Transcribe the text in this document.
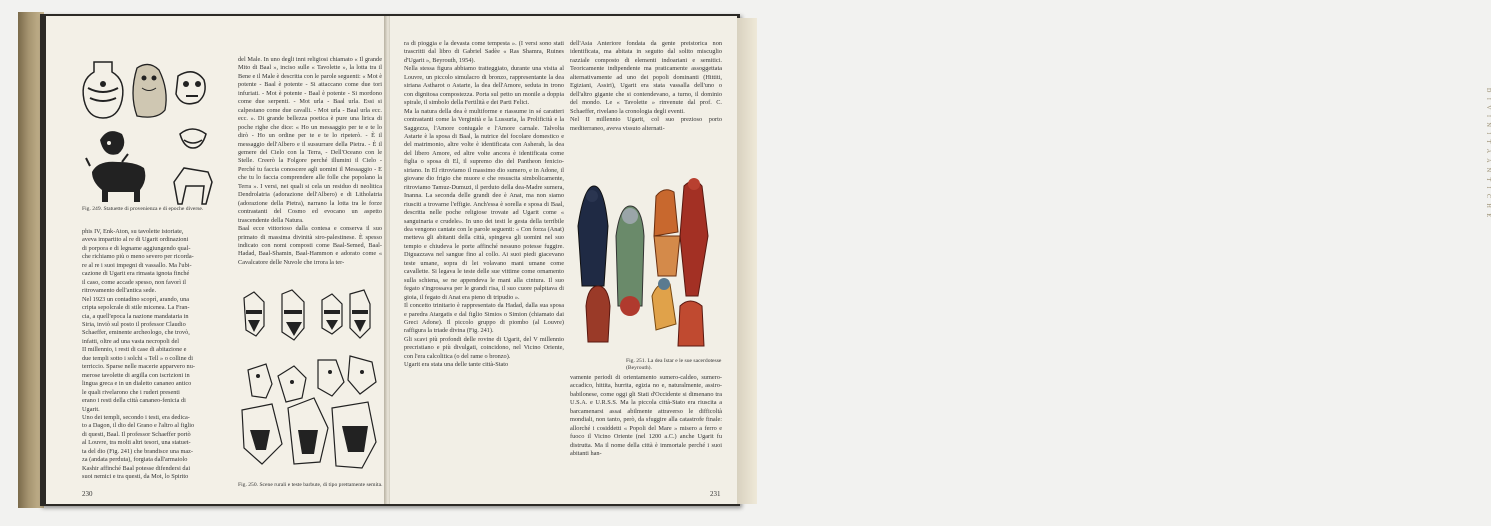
D I V I N I T À A N T I C H E
Fig. 249. Statuette di provenienza e di epoche diverse.
phis IV, Enk-Aton, su tavolette istoriate,
avevа impartito al re di Ugarit ordinazioni
di porpora e di legname aggiungendo qual-
che richiamo più o meno severo per ricorda-
re al re i suoi impegni di vassallo. Ma l'ubi-
cazione di Ugarit era rimasta ignota finché
il caso, come accade spesso, non favorì il
ritrovamento dell'antica sede.
Nel 1923 un contadino scoprì, arando, una
cripta sepolcrale di stile micenea. La Fran-
cia, a quell'epoca la nazione mandataria in
Siria, inviò sul posto il professor Claudio
Schaeffer, eminente archeologo, che trovò,
infatti, oltre ad una vasta necropoli del
II millennio, i resti di case di abitazione e
due templi sotto i solchi « Tell » o colline di
terriccio. Sparse nelle macerie apparvero nu-
merose tavolette di argilla con iscrizioni in
lingua greca e in un dialetto cananeo antico
le quali rivelarono che i ruderi presenti
erano i resti della città cananeo-fenicia di
Ugarit.
Uno dei templi, secondo i testi, era dedica-
to a Dagon, il dio del Grano e l'altro al figlio
di questi, Baal. Il professor Schaeffer portò
al Louvre, tra molti altri tesori, una statuet-
ta del dio (Fig. 241) che brandisce una maz-
za (andata perduta), forgiata dall'armaiolo
Kashir affinché Baal potesse difendersi dai
suoi nemici e tra questi, da Mot, lo Spirito
del Male. In uno degli inni religiosi chiamato « Il grande Mito di Baal », inciso sulle « Tavolette », la lotta tra il Bene e il Male è descritta con le parole seguenti: « Mot è potente - Baal è potente - Si attaccano come due tori infuriati. - Mot è potente - Baal è potente - Si mordono come due serpenti. - Mot urla - Baal urla. Essi si calpestano come due cavalli. - Mot urla - Baal urla ecc. ecc. ». Di grande bellezza poetica è pure una lirica di poche righe che dice: « Ho un messaggio per te e te lo dirò - Ho un ordine per te e te lo ripeterò. - È il messaggio dell'Albero e il sussurrare della Pietra. - È il gemere del Cielo con la Terra, - Dell'Oceano con le Stelle. Creerò la Folgore perché illumini il Cielo - Perché tu faccia conoscere agli uomini il Messaggio - E che tu lo faccia comprendere alle folle che popolano la Terra ». I versi, nei quali si cela un residuo di neolitica Dendrolatria (adorazione dell'Albero) e di Litholatria (adorazione della Pietra), narrano la lotta tra le forze contrastanti del Cosmo ed evocano un aspetto trascendente della Natura.
Baal ecce vittorioso dalla contesa e conserva il suo primato di massima divinità siro-palestinese. È spesso indicato con nomi composti come Baal-Semed, Baal-Hadad, Baal-Shamin, Baal-Hammon e adorato come « Cavalcatore delle Nuvole che irrora la ter-
Fig. 250. Scene rurali e teste barbute, di tipo prettamente semita.
230
ra di pioggia e la devasta come tempesta ». (I versi sono stati trascritti dal libro di Gabriel Sadèe « Ras Shamra, Ruines d'Ugarit », Beyrouth, 1954).
Nella stessa figura abbiamo tratteggiato, durante una visita al Louvre, un piccolo simulacro di bronzo, rappresentante la dea siriana Astharot o Astarte, la dea dell'Amore, seduta in trono con dignitosa compostezza. Porta sul petto un monile a doppia spirale, il simbolo della Fertilità e dei Parti Felici.
Ma la natura della dea è multiforme e riassume in sé caratteri contrastanti come la Verginità e la Lussuria, la Prolificità e la Saggezza, l'Amore coniugale e l'Amore carnale. Talvolta Astarte è la sposa di Baal, la nutrice del focolare domestico e del matrimonio, altre volte è identificata con Asherah, la dea del libero Amore, ed altre volte ancora è identificata come figlia o sposa di El, il supremo dio del Pantheon fenicio-siriano. In El ritroviamo il massimo dio sumero, e in Adone, il giovane dio frigio che muore e che resuscita simbolicamente, ritroviamo Tamuz-Dumuzi, il perduto della dea-Madre sumera, Inanna. La seconda delle grandi dee è Anat, ma non siamo riusciti a trovarne l'effigie. Anch'essa è sorella e sposa di Baal, descritta nelle poche religiose trovate ad Ugarit come « sanguinaria e crudele». In uno dei testi le gesta della terribile dea vengono cantate con le parole seguenti: « Con forza (Anat) metteva gli abitanti della città, spingeva gli uomini nel suo tempio e chiudeva le porte affinché nessuno potesse fuggire. Diguazzava nel sangue fino al collo. Ai suoi piedi giacevano teste umane, sopra di lei volavano mani umane come cavallette. Si legava le teste delle sue vittime come ornamento sulla schiena, se ne appendeva le mani alla cintura. Il suo fegato s'ingrossava per le grandi risa, il suo cuore palpitava di gioia, il fegato di Anat era pieno di tripudio ».
Il concetto trinitario è rappresentato da Hadad, dalla sua sposa e paredra Atargatis e dal figlio Simios o Simion (chiamato dai Greci Adone). Il piccolo gruppo di piombo (al Louvre) raffigura la triade divina (Fig. 241).
Gli scavi più profondi delle rovine di Ugarit, del V millennio precristiano e più divulgati, coincidono, nel Vicino Oriente, con l'era calcolitica (o del rame o bronzo).
Ugarit era stata una delle tante città-Stato
dell'Asia Anteriore fondata da gente preistorica non identificata, ma abitata in seguito dal solito miscuglio razziale composto di elementi indoariani e semitici. Teoricamente indipendente ma praticamente assoggettata alternativamente ad uno dei popoli dominanti (Hittiti, Egiziani, Assiri), Ugarit era stata vassalla dell'uno o dell'altro gigante che si contendevano, a turno, il dominio del mondo. Le « Tavolette » rinvenute dal prof. C. Schaeffer, rivelano la cronologia degli eventi.
Nel II millennio Ugarit, col suo prezioso porto mediterraneo, aveva vissuto alternati-
Fig. 251. La dea Istar e le sue sacerdotesse (Beyrouth).
vamente periodi di orientamento sumero-caldeo, sumero-accadico, hittita, hurrita, egizia no e, naturalmente, assiro-babilonese, come oggi gli Stati d'Occidente si dimenano tra U.S.A. e U.R.S.S. Ma la piccola città-Stato era riuscita a barcamenarsi assai abilmente attraverso le difficoltà mondiali, non tanto, però, da sfuggire alla catastrofe finale: allorché i cosiddetti « Popoli del Mare » misero a ferro e fuoco il Vicino Oriente (nel 1200 a.C.) anche Ugarit fu distrutta. Ma il nome della città è immortale perché i suoi abitanti han-
231
